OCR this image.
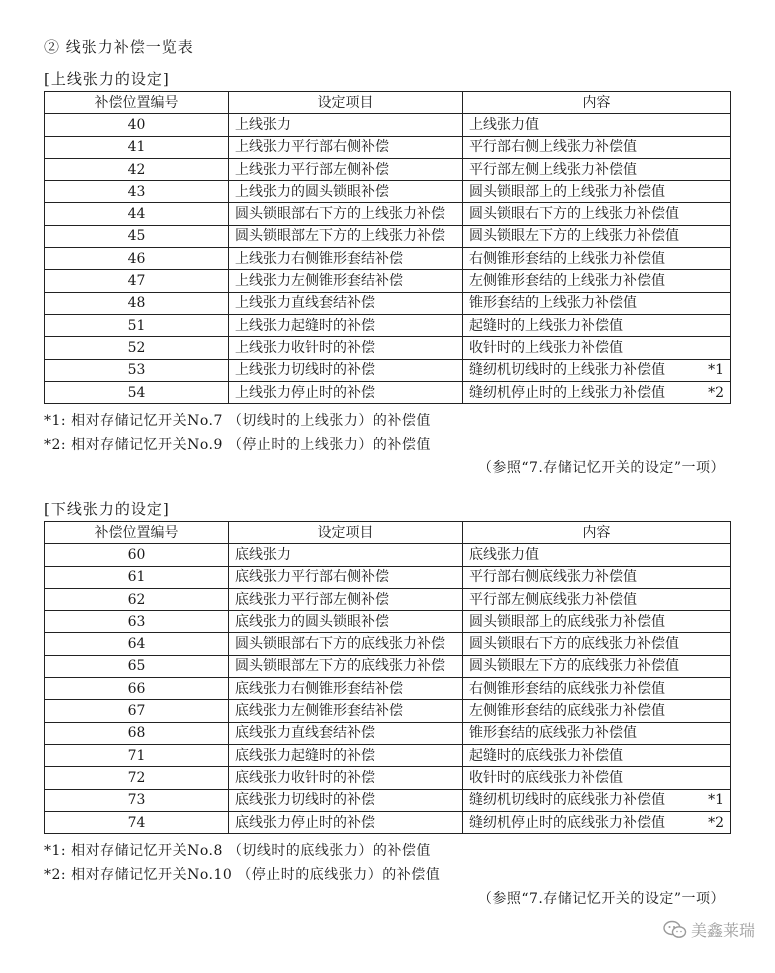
② 线张力补偿一览表
[上线张力的设定]
补偿位置编号	设定项目	内容
40	上线张力	上线张力值
41	上线张力平行部右侧补偿	平行部右侧上线张力补偿值
42	上线张力平行部左侧补偿	平行部左侧上线张力补偿值
43	上线张力的圆头锁眼补偿	圆头锁眼部上的上线张力补偿值
44	圆头锁眼部右下方的上线张力补偿	圆头锁眼右下方的上线张力补偿值
45	圆头锁眼部左下方的上线张力补偿	圆头锁眼左下方的上线张力补偿值
46	上线张力右侧锥形套结补偿	右侧锥形套结的上线张力补偿值
47	上线张力左侧锥形套结补偿	左侧锥形套结的上线张力补偿值
48	上线张力直线套结补偿	锥形套结的上线张力补偿值
51	上线张力起缝时的补偿	起缝时的上线张力补偿值
52	上线张力收针时的补偿	收针时的上线张力补偿值
53	上线张力切线时的补偿	缝纫机切线时的上线张力补偿值 *1

54	上线张力停止时的补偿	缝纫机停止时的上线张力补偿值 *2
*1: 相对存储记忆开关No.7 （切线时的上线张力）的补偿值
*2: 相对存储记忆开关No.9 （停止时的上线张力）的补偿值
（参照“7.存储记忆开关的设定”一项）
[下线张力的设定]
补偿位置编号	设定项目	内容
60	底线张力	底线张力值
61	底线张力平行部右侧补偿	平行部右侧底线张力补偿值
62	底线张力平行部左侧补偿	平行部左侧底线张力补偿值
63	底线张力的圆头锁眼补偿	圆头锁眼部上的底线张力补偿值
64	圆头锁眼部右下方的底线张力补偿	圆头锁眼右下方的底线张力补偿值
65	圆头锁眼部左下方的底线张力补偿	圆头锁眼左下方的底线张力补偿值
66	底线张力右侧锥形套结补偿	右侧锥形套结的底线张力补偿值
67	底线张力左侧锥形套结补偿	左侧锥形套结的底线张力补偿值
68	底线张力直线套结补偿	锥形套结的底线张力补偿值
71	底线张力起缝时的补偿	起缝时的底线张力补偿值
72	底线张力收针时的补偿	收针时的底线张力补偿值
73	底线张力切线时的补偿	缝纫机切线时的底线张力补偿值 *1

74	底线张力停止时的补偿	缝纫机停止时的底线张力补偿值 *2
*1: 相对存储记忆开关No.8 （切线时的底线张力）的补偿值
*2: 相对存储记忆开关No.10 （停止时的底线张力）的补偿值
（参照“7.存储记忆开关的设定”一项）
美鑫莱瑞
